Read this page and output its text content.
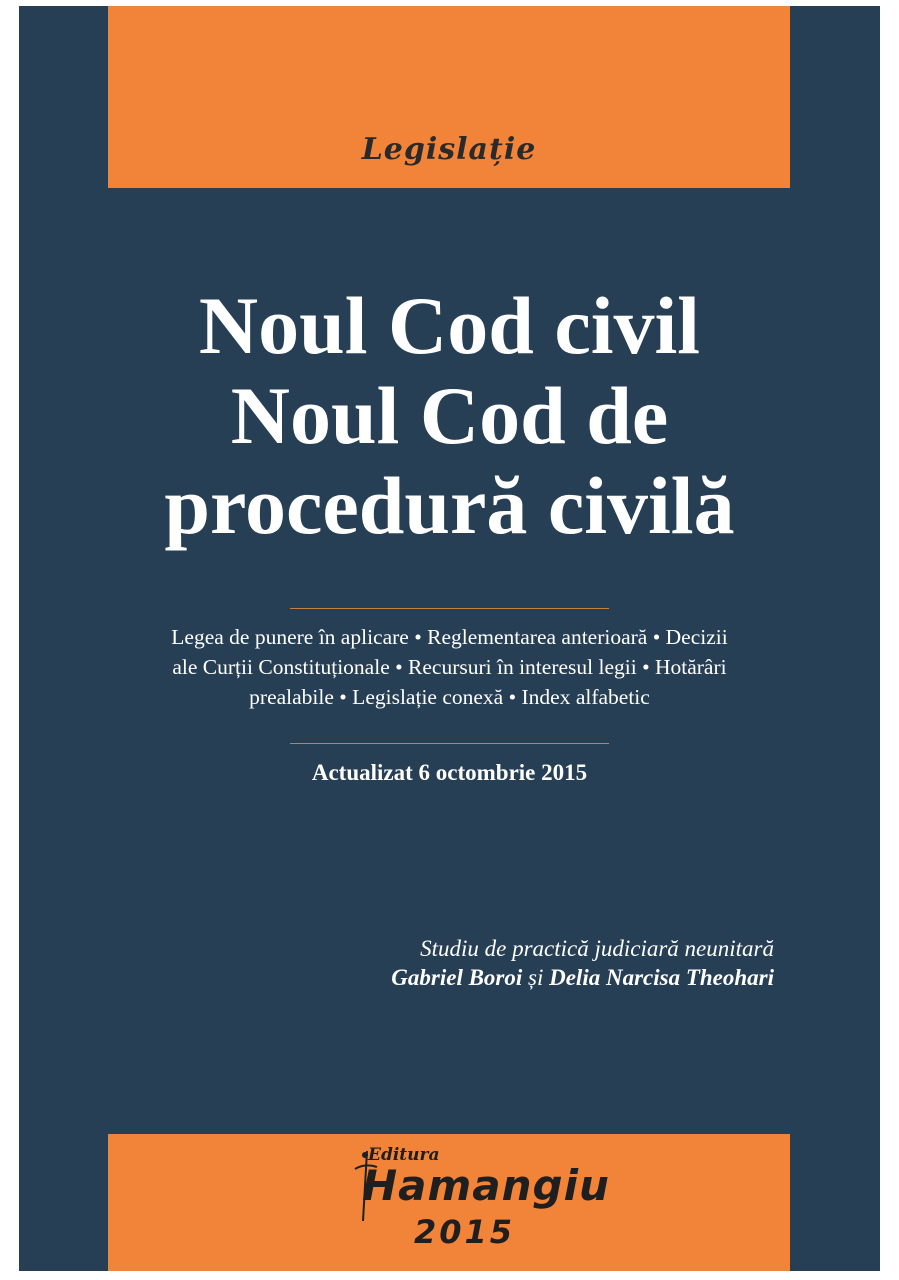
Legislație
Noul Cod civil
Noul Cod de
procedură civilă
Legea de punere în aplicare • Reglementarea anterioară • Decizii
ale Curții Constituționale • Recursuri în interesul legii • Hotărâri
prealabile • Legislație conexă • Index alfabetic
Actualizat 6 octombrie 2015
Studiu de practică judiciară neunitară
Gabriel Boroi și Delia Narcisa Theohari
Editura
Hamangiu
2015
